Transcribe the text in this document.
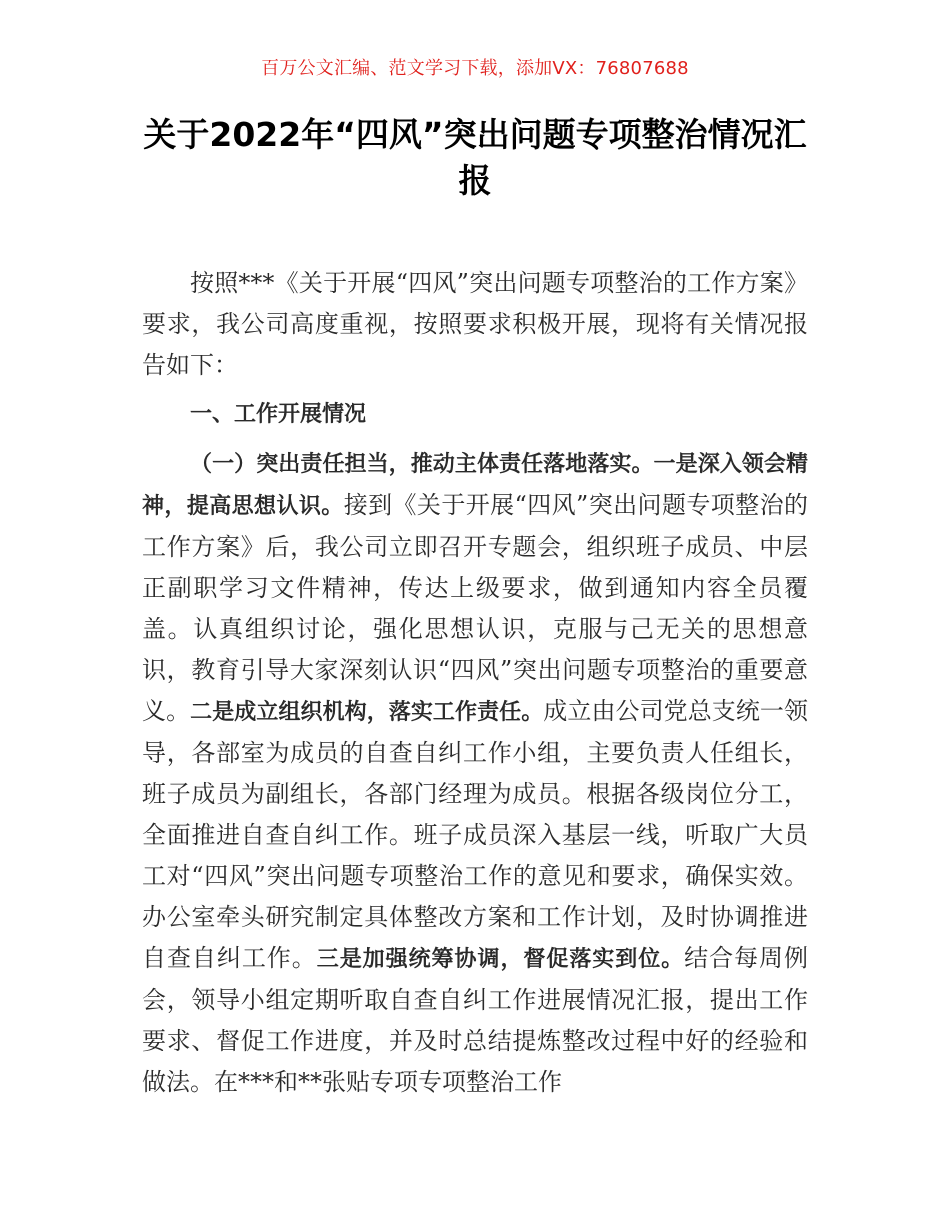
百万公文汇编、范文学习下载，添加VX：76807688
关于2022年“四风”突出问题专项整治情况汇报

按照***《关于开展“四风”突出问题专项整治的工作方案》要求，我公司高度重视，按照要求积极开展，现将有关情况报告如下：

一、工作开展情况

（一）突出责任担当，推动主体责任落地落实。一是深入领会精神，提高思想认识。接到《关于开展“四风”突出问题专项整治的工作方案》后，我公司立即召开专题会，组织班子成员、中层正副职学习文件精神，传达上级要求，做到通知内容全员覆盖。认真组织讨论，强化思想认识，克服与己无关的思想意识，教育引导大家深刻认识“四风”突出问题专项整治的重要意义。二是成立组织机构，落实工作责任。成立由公司党总支统一领导，各部室为成员的自查自纠工作小组，主要负责人任组长，班子成员为副组长，各部门经理为成员。根据各级岗位分工，全面推进自查自纠工作。班子成员深入基层一线，听取广大员工对“四风”突出问题专项整治工作的意见和要求，确保实效。办公室牵头研究制定具体整改方案和工作计划，及时协调推进自查自纠工作。三是加强统筹协调，督促落实到位。结合每周例会，领导小组定期听取自查自纠工作进展情况汇报，提出工作要求、督促工作进度，并及时总结提炼整改过程中好的经验和做法。在***和**张贴专项专项整治工作
